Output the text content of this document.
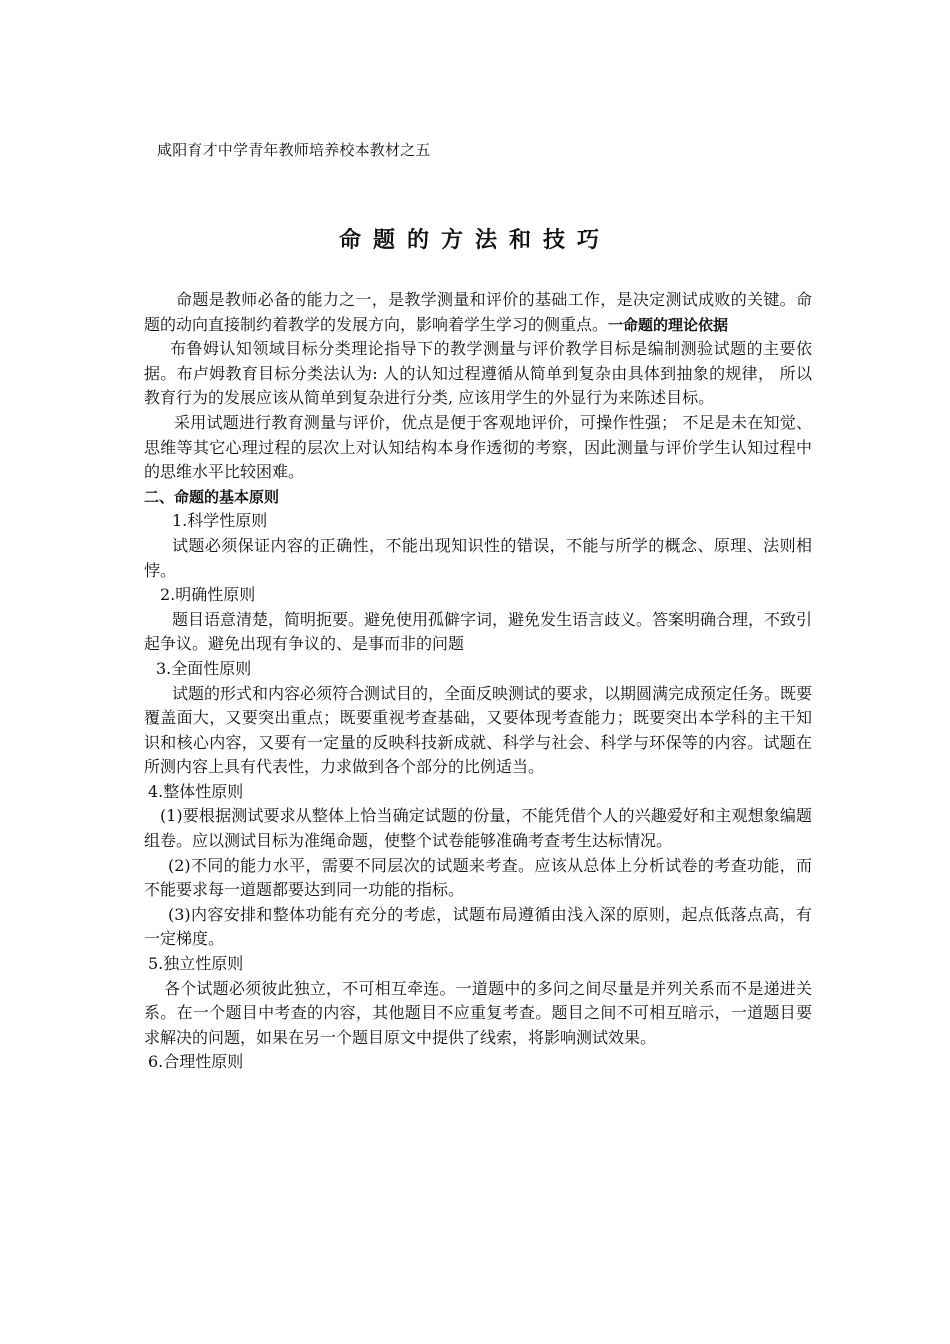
咸阳育才中学青年教师培养校本教材之五
命题的方法和技巧

命题是教师必备的能力之一，是教学测量和评价的基础工作，是决定测试成败的关键。命题的动向直接制约着教学的发展方向，影响着学生学习的侧重点。一命题的理论依据

布鲁姆认知领域目标分类理论指导下的教学测量与评价教学目标是编制测验试题的主要依据。布卢姆教育目标分类法认为: 人的认知过程遵循从简单到复杂由具体到抽象的规律， 所以教育行为的发展应该从简单到复杂进行分类, 应该用学生的外显行为来陈述目标。

采用试题进行教育测量与评价，优点是便于客观地评价，可操作性强； 不足是未在知觉、思维等其它心理过程的层次上对认知结构本身作透彻的考察，因此测量与评价学生认知过程中的思维水平比较困难。

二、命题的基本原则

1.科学性原则

试题必须保证内容的正确性，不能出现知识性的错误，不能与所学的概念、原理、法则相悖。

2.明确性原则

题目语意清楚，简明扼要。避免使用孤僻字词，避免发生语言歧义。答案明确合理，不致引起争议。避免出现有争议的、是事而非的问题

3.全面性原则

试题的形式和内容必须符合测试目的，全面反映测试的要求，以期圆满完成预定任务。既要覆盖面大，又要突出重点；既要重视考查基础，又要体现考查能力；既要突出本学科的主干知识和核心内容，又要有一定量的反映科技新成就、科学与社会、科学与环保等的内容。试题在所测内容上具有代表性，力求做到各个部分的比例适当。

4.整体性原则

(1)要根据测试要求从整体上恰当确定试题的份量，不能凭借个人的兴趣爱好和主观想象编题组卷。应以测试目标为准绳命题，使整个试卷能够准确考查考生达标情况。

(2)不同的能力水平，需要不同层次的试题来考查。应该从总体上分析试卷的考查功能，而不能要求每一道题都要达到同一功能的指标。

(3)内容安排和整体功能有充分的考虑，试题布局遵循由浅入深的原则，起点低落点高，有一定梯度。

5.独立性原则

各个试题必须彼此独立，不可相互牵连。一道题中的多问之间尽量是并列关系而不是递进关系。在一个题目中考查的内容，其他题目不应重复考查。题目之间不可相互暗示，一道题目要求解决的问题，如果在另一个题目原文中提供了线索，将影响测试效果。

6.合理性原则
